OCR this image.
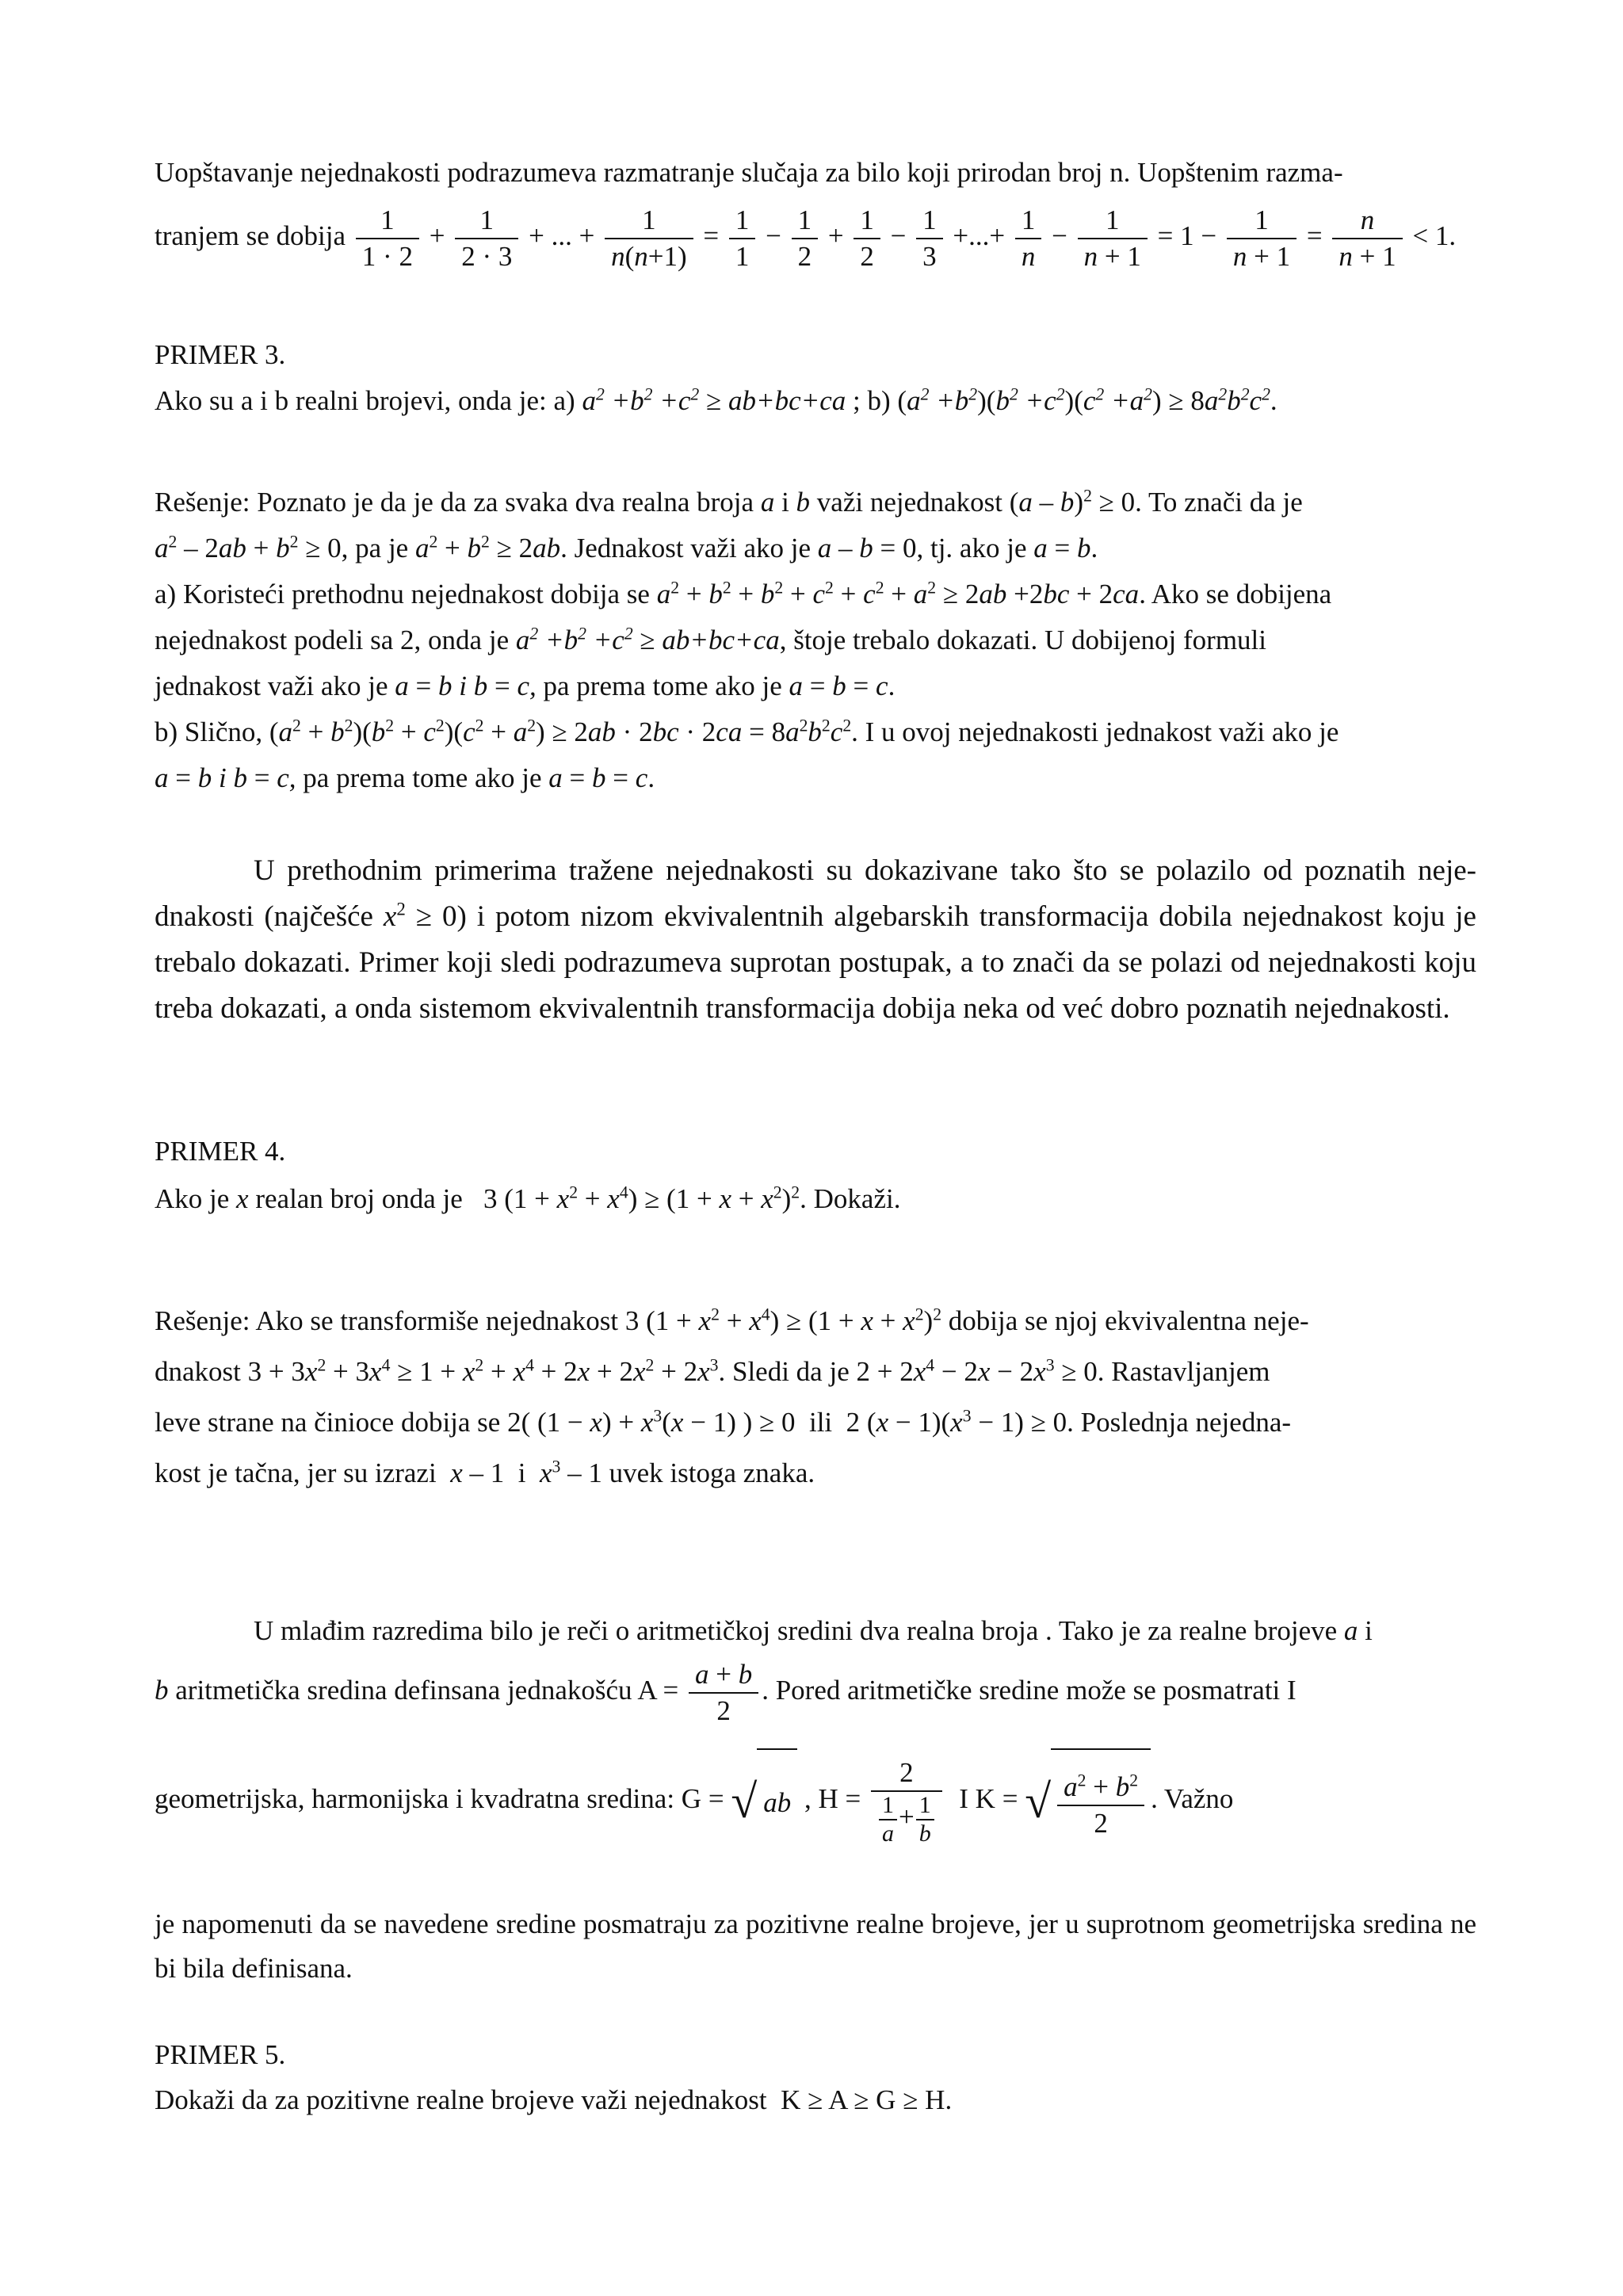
Uopštavanje nejednakosti podrazumeva razmatranje slučaja za bilo koji prirodan broj n. Uopštenim razma-

tranjem se dobija $\frac{1}{1 \cdot 2} + \frac{1}{2 \cdot 3}$ + ... + $\frac{1}{n(n+1)} = \frac{1}{1} - \frac{1}{2} + \frac{1}{2} - \frac{1}{3}$ +...+ $\frac{1}{n} - \frac{1}{n + 1} = 1 - \frac{1}{n + 1} = \frac{n}{n + 1} < 1$.

PRIMER 3.

Ako su a i b realni brojevi, onda je: a) $a^2 +b^2 +c^2 \ge ab+bc+ca$ ; b) $(a^2 +b^2)(b^2 +c^2)(c^2 +a^2) \ge 8a^2b^2c^2$.
Rešenje: Poznato je da je da za svaka dva realna broja a i b važi nejednakost (a – b)$^2$ ≥ 0. To znači da je
$a^2 - 2ab + b^2 \ge 0$, pa je $a^2 + b^2 \ge 2ab$. Jednakost važi ako je a – b = 0, tj. ako je a = b.
a) Koristeći prethodnu nejednakost dobija se $a^2 + b^2 + b^2 + c^2 + c^2 + a^2 \ge 2ab +2bc + 2ca$. Ako se dobijena
nejednakost podeli sa 2, onda je $a^2 +b^2 +c^2 \ge ab+bc+ca$, štoje trebalo dokazati. U dobijenoj formuli
jednakost važi ako je a = b i b = c, pa prema tome ako je a = b = c.
b) Slično, $(a^2 + b^2)(b^2 + c^2)(c^2 + a^2) \ge 2ab \cdot 2bc \cdot 2ca = 8a^2b^2c^2$. I u ovoj nejednakosti jednakost važi ako je
a = b i b = c, pa prema tome ako je a = b = c.
U prethodnim primerima tražene nejednakosti su dokazivane tako što se polazilo od poznatih neje-dnakosti (najčešće $x^2 \ge 0$) i potom nizom ekvivalentnih algebarskih transformacija dobila nejednakost koju je trebalo dokazati. Primer koji sledi podrazumeva suprotan postupak, a to znači da se polazi od nejednakosti koju treba dokazati, a onda sistemom ekvivalentnih transformacija dobija neka od već dobro poznatih nejednakosti.

PRIMER 4.

Ako je x realan broj onda je   3 $(1 + x^2 + x^4) \ge (1 + x + x^2)^2$. Dokaži.
Rešenje: Ako se transformiše nejednakost 3 $(1 + x^2 + x^4) \ge (1 + x + x^2)^2$ dobija se njoj ekvivalentna neje-
dnakost $3 + 3x^2 + 3x^4 \ge 1 + x^2 + x^4 + 2x + 2x^2 + 2x^3$. Sledi da je $2 + 2x^4 - 2x - 2x^3 \ge 0$. Rastavljanjem
leve strane na činioce dobija se 2( $(1 - x) + x^3(x - 1)$ ) ≥ 0  ili  2 $(x - 1)(x^3 - 1) \ge 0$. Poslednja nejedna-
kost je tačna, jer su izrazi x – 1  i $x^3 - 1$ uvek istoga znaka.
U mlađim razredima bilo je reči o aritmetičkoj sredini dva realna broja . Tako je za realne brojeve a i
b aritmetička sredina definsana jednakošću $A = \frac{a + b}{2}$ . Pored aritmetičke sredine može se posmatrati I
geometrijska, harmonijska i kvadratna sredina: G = √ ab , $H = \frac{2}{\frac{1}{a} + \frac{1}{b}}$ I K = √ $\frac{a^2 + b^2}{2}$ . Važno

je napomenuti da se navedene sredine posmatraju za pozitivne realne brojeve, jer u suprotnom geometrijska sredina ne bi bila definisana.

PRIMER 5.

Dokaži da za pozitivne realne brojeve važi nejednakost K ≥ A ≥ G ≥ H.
